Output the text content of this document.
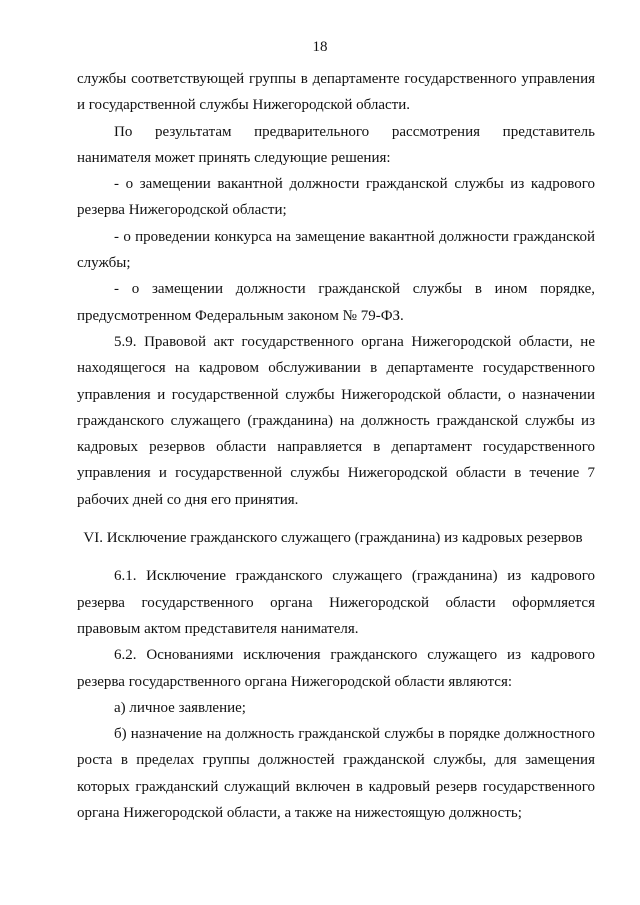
18

службы соответствующей группы в департаменте государственного управления и государственной службы Нижегородской области.

По результатам предварительного рассмотрения представитель нанимателя может принять следующие решения:

- о замещении вакантной должности гражданской службы из кадрового резерва Нижегородской области;

- о проведении конкурса на замещение вакантной должности гражданской службы;

- о замещении должности гражданской службы в ином порядке, предусмотренном Федеральным законом № 79-ФЗ.

5.9. Правовой акт государственного органа Нижегородской области, не находящегося на кадровом обслуживании в департаменте государственного управления и государственной службы Нижегородской области, о назначении гражданского служащего (гражданина) на должность гражданской службы из кадровых резервов области направляется в департамент государственного управления и государственной службы Нижегородской области в течение 7 рабочих дней со дня его принятия.

VI. Исключение гражданского служащего (гражданина) из кадровых резервов

6.1. Исключение гражданского служащего (гражданина) из кадрового резерва государственного органа Нижегородской области оформляется правовым актом представителя нанимателя.

6.2. Основаниями исключения гражданского служащего из кадрового резерва государственного органа Нижегородской области являются:

а) личное заявление;

б) назначение на должность гражданской службы в порядке должностного роста в пределах группы должностей гражданской службы, для замещения которых гражданский служащий включен в кадровый резерв государственного органа Нижегородской области, а также на нижестоящую должность;
